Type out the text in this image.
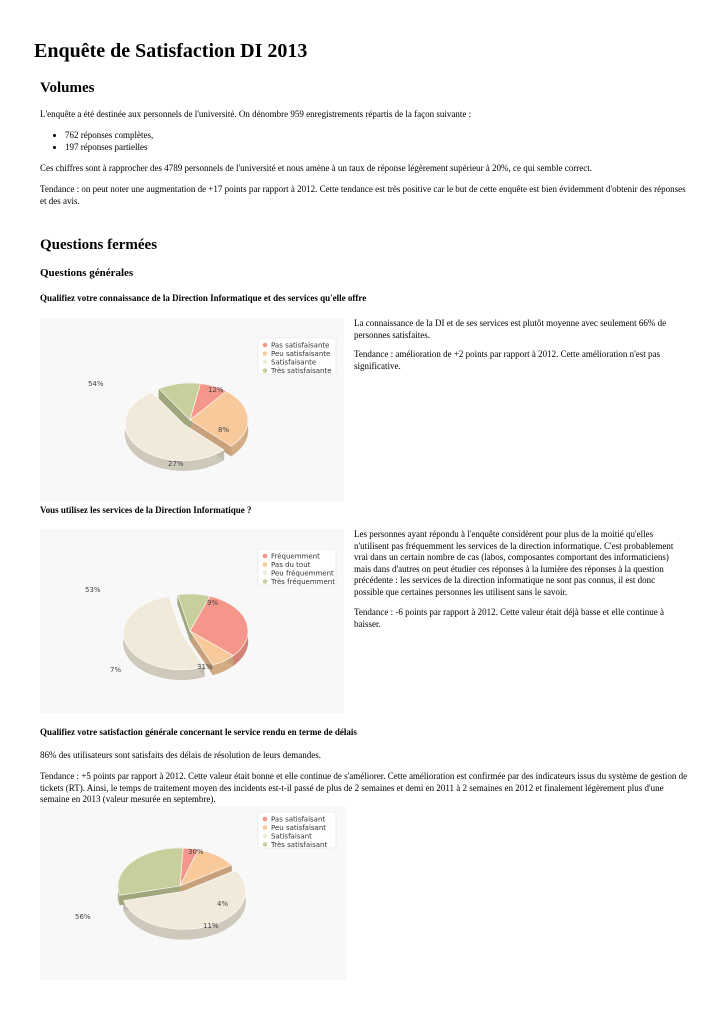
Enquête de Satisfaction DI 2013
Volumes

L'enquête a été destinée aux personnels de l'université. On dénombre 959 enregistrements répartis de la façon suivante :

• 762 réponses complètes,
• 197 réponses partielles

Ces chiffres sont à rapprocher des 4789 personnels de l'université et nous amène à un taux de réponse légèrement supérieur à 20%, ce qui semble correct.

Tendance : on peut noter une augmentation de +17 points par rapport à 2012. Cette tendance est très positive car le but de cette enquête est bien évidemment d'obtenir des réponses et des avis.

Questions fermées
Questions générales
Qualifiez votre connaissance de la Direction Informatique et des services qu'elle offre
8%
27%
54%
12%
Pas satisfaisante
Peu satisfaisante
Satisfaisante
Très satisfaisante

La connaissance de la DI et de ses services est plutôt moyenne avec seulement 66% de personnes satisfaites.

Tendance : amélioration de +2 points par rapport à 2012. Cette amélioration n'est pas significative.

Vous utilisez les services de la Direction Informatique ?
31%
7%
53%
9%
Fréquemment
Pas du tout
Peu fréquemment
Très fréquemment

Les personnes ayant répondu à l'enquête considèrent pour plus de la moitié qu'elles n'utilisent pas fréquemment les services de la direction informatique. C'est probablement vrai dans un certain nombre de cas (labos, composantes comportant des informaticiens) mais dans d'autres on peut étudier ces réponses à la lumière des réponses à la question précédente : les services de la direction informatique ne sont pas connus, il est donc possible que certaines personnes les utilisent sans le savoir.

Tendance : -6 points par rapport à 2012. Cette valeur était déjà basse et elle continue à baisser.

Qualifiez votre satisfaction générale concernant le service rendu en terme de délais

86% des utilisateurs sont satisfaits des délais de résolution de leurs demandes.

Tendance : +5 points par rapport à 2012. Cette valeur était bonne et elle continue de s'améliorer. Cette amélioration est confirmée par des indicateurs issus du système de gestion de tickets (RT). Ainsi, le temps de traitement moyen des incidents est-t-il passé de plus de 2 semaines et demi en 2011 à 2 semaines en 2012 et finalement légèrement plus d'une semaine en 2013 (valeur mesurée en septembre).

4%
11%
56%
30%
Pas satisfaisant
Peu satisfaisant
Satisfaisant
Très satisfaisant
